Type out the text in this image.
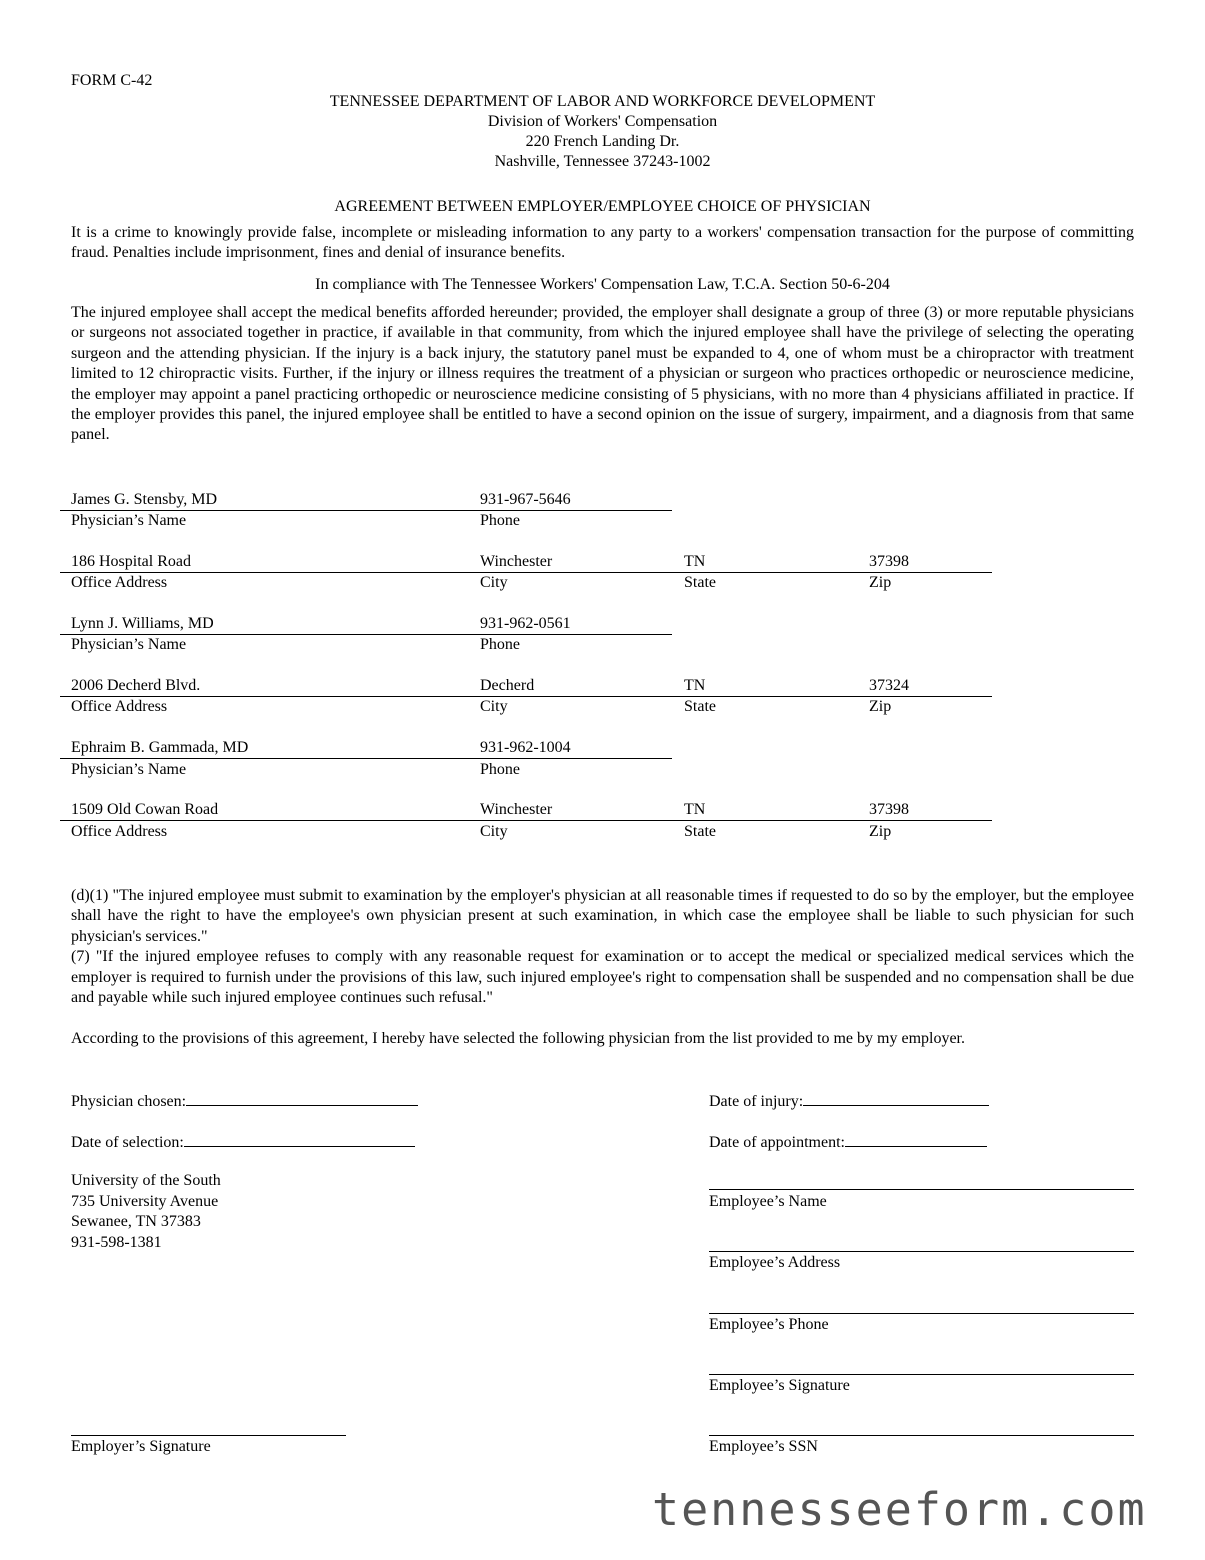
FORM C-42
TENNESSEE DEPARTMENT OF LABOR AND WORKFORCE DEVELOPMENT
Division of Workers' Compensation
220 French Landing Dr.
Nashville, Tennessee 37243-1002
AGREEMENT BETWEEN EMPLOYER/EMPLOYEE CHOICE OF PHYSICIAN

It is a crime to knowingly provide false, incomplete or misleading information to any party to a workers' compensation transaction for the purpose of committing fraud. Penalties include imprisonment, fines and denial of insurance benefits.

In compliance with The Tennessee Workers' Compensation Law, T.C.A. Section 50-6-204

The injured employee shall accept the medical benefits afforded hereunder; provided, the employer shall designate a group of three (3) or more reputable physicians or surgeons not associated together in practice, if available in that community, from which the injured employee shall have the privilege of selecting the operating surgeon and the attending physician. If the injury is a back injury, the statutory panel must be expanded to 4, one of whom must be a chiropractor with treatment limited to 12 chiropractic visits. Further, if the injury or illness requires the treatment of a physician or surgeon who practices orthopedic or neuroscience medicine, the employer may appoint a panel practicing orthopedic or neuroscience medicine consisting of 5 physicians, with no more than 4 physicians affiliated in practice. If the employer provides this panel, the injured employee shall be entitled to have a second opinion on the issue of surgery, impairment, and a diagnosis from that same panel.

James G. Stensby, MD	931-967-5646
Physician’s Name	Phone
186 Hospital Road	Winchester	TN	37398
Office Address	City	State	Zip
Lynn J. Williams, MD	931-962-0561
Physician’s Name	Phone
2006 Decherd Blvd.	Decherd	TN	37324
Office Address	City	State	Zip
Ephraim B. Gammada, MD	931-962-1004
Physician’s Name	Phone
1509 Old Cowan Road	Winchester	TN	37398
Office Address	City	State	Zip

(d)(1) "The injured employee must submit to examination by the employer's physician at all reasonable times if requested to do so by the employer, but the employee shall have the right to have the employee's own physician present at such examination, in which case the employee shall be liable to such physician for such physician's services."

(7) "If the injured employee refuses to comply with any reasonable request for examination or to accept the medical or specialized medical services which the employer is required to furnish under the provisions of this law, such injured employee's right to compensation shall be suspended and no compensation shall be due and payable while such injured employee continues such refusal."

According to the provisions of this agreement, I hereby have selected the following physician from the list provided to me by my employer.
Physician chosen:
Date of selection:
Date of injury:
Date of appointment:
University of the South
735 University Avenue
Sewanee, TN 37383
931-598-1381
Employee’s Name
Employee’s Address
Employee’s Phone
Employee’s Signature
Employee’s SSN
Employer’s Signature
tennesseeform.com
